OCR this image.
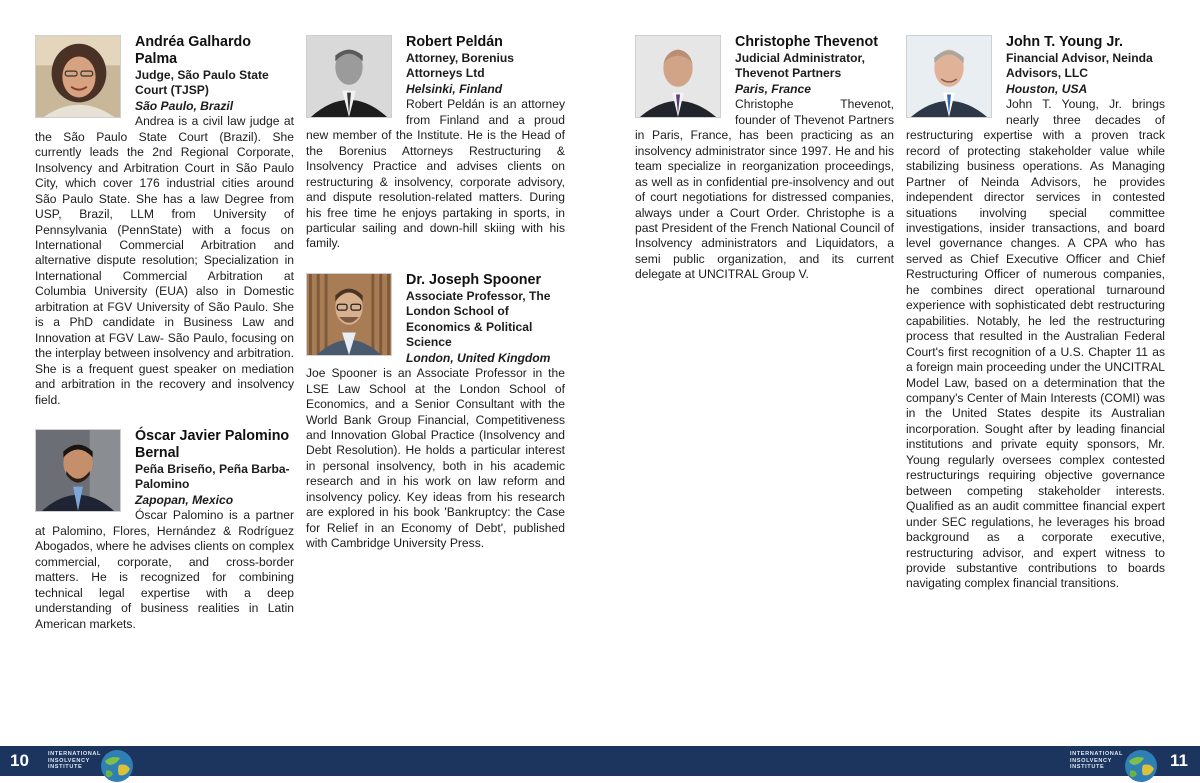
Andréa Galhardo Palma
Judge, São Paulo State Court (TJSP)
São Paulo, Brazil
Andrea is a civil law judge at the São Paulo State Court (Brazil). She currently leads the 2nd Regional Corporate, Insolvency and Arbitration Court in São Paulo City, which cover 176 industrial cities around São Paulo State. She has a law Degree from USP, Brazil, LLM from University of Pennsylvania (PennState) with a focus on International Commercial Arbitration and alternative dispute resolution; Specialization in International Commercial Arbitration at Columbia University (EUA) also in Domestic arbitration at FGV University of São Paulo. She is a PhD candidate in Business Law and Innovation at FGV Law- São Paulo, focusing on the interplay between insolvency and arbitration. She is a frequent guest speaker on mediation and arbitration in the recovery and insolvency field.
Óscar Javier Palomino Bernal
Peña Briseño, Peña Barba-Palomino
Zapopan, Mexico
Óscar Palomino is a partner at Palomino, Flores, Hernández & Rodríguez Abogados, where he advises clients on complex commercial, corporate, and cross-border matters. He is recognized for combining technical legal expertise with a deep understanding of business realities in Latin American markets.
Robert Peldán
Attorney, Borenius Attorneys Ltd
Helsinki, Finland
Robert Peldán is an attorney from Finland and a proud new member of the Institute. He is the Head of the Borenius Attorneys Restructuring & Insolvency Practice and advises clients on restructuring & insolvency, corporate advisory, and dispute resolution-related matters. During his free time he enjoys partaking in sports, in particular sailing and down-hill skiing with his family.
Dr. Joseph Spooner
Associate Professor, The London School of Economics & Political Science
London, United Kingdom
Joe Spooner is an Associate Professor in the LSE Law School at the London School of Economics, and a Senior Consultant with the World Bank Group Financial, Competitiveness and Innovation Global Practice (Insolvency and Debt Resolution). He holds a particular interest in personal insolvency, both in his academic research and in his work on law reform and insolvency policy. Key ideas from his research are explored in his book 'Bankruptcy: the Case for Relief in an Economy of Debt', published with Cambridge University Press.
Christophe Thevenot
Judicial Administrator, Thevenot Partners
Paris, France
Christophe Thevenot, founder of Thevenot Partners in Paris, France, has been practicing as an insolvency administrator since 1997. He and his team specialize in reorganization proceedings, as well as in confidential pre-insolvency and out of court negotiations for distressed companies, always under a Court Order. Christophe is a past President of the French National Council of Insolvency administrators and Liquidators, a semi public organization, and its current delegate at UNCITRAL Group V.
John T. Young Jr.
Financial Advisor, Neinda Advisors, LLC
Houston, USA
John T. Young, Jr. brings nearly three decades of restructuring expertise with a proven track record of protecting stakeholder value while stabilizing business operations. As Managing Partner of Neinda Advisors, he provides independent director services in contested situations involving special committee investigations, insider transactions, and board level governance changes. A CPA who has served as Chief Executive Officer and Chief Restructuring Officer of numerous companies, he combines direct operational turnaround experience with sophisticated debt restructuring capabilities. Notably, he led the restructuring process that resulted in the Australian Federal Court's first recognition of a U.S. Chapter 11 as a foreign main proceeding under the UNCITRAL Model Law, based on a determination that the company's Center of Main Interests (COMI) was in the United States despite its Australian incorporation. Sought after by leading financial institutions and private equity sponsors, Mr. Young regularly oversees complex contested restructurings requiring objective governance between competing stakeholder interests. Qualified as an audit committee financial expert under SEC regulations, he leverages his broad background as a corporate executive, restructuring advisor, and expert witness to provide substantive contributions to boards navigating complex financial transitions.
10	INTERNATIONAL
INSOLVENCY
INSTITUTE
INTERNATIONAL
INSOLVENCY
INSTITUTE	11
